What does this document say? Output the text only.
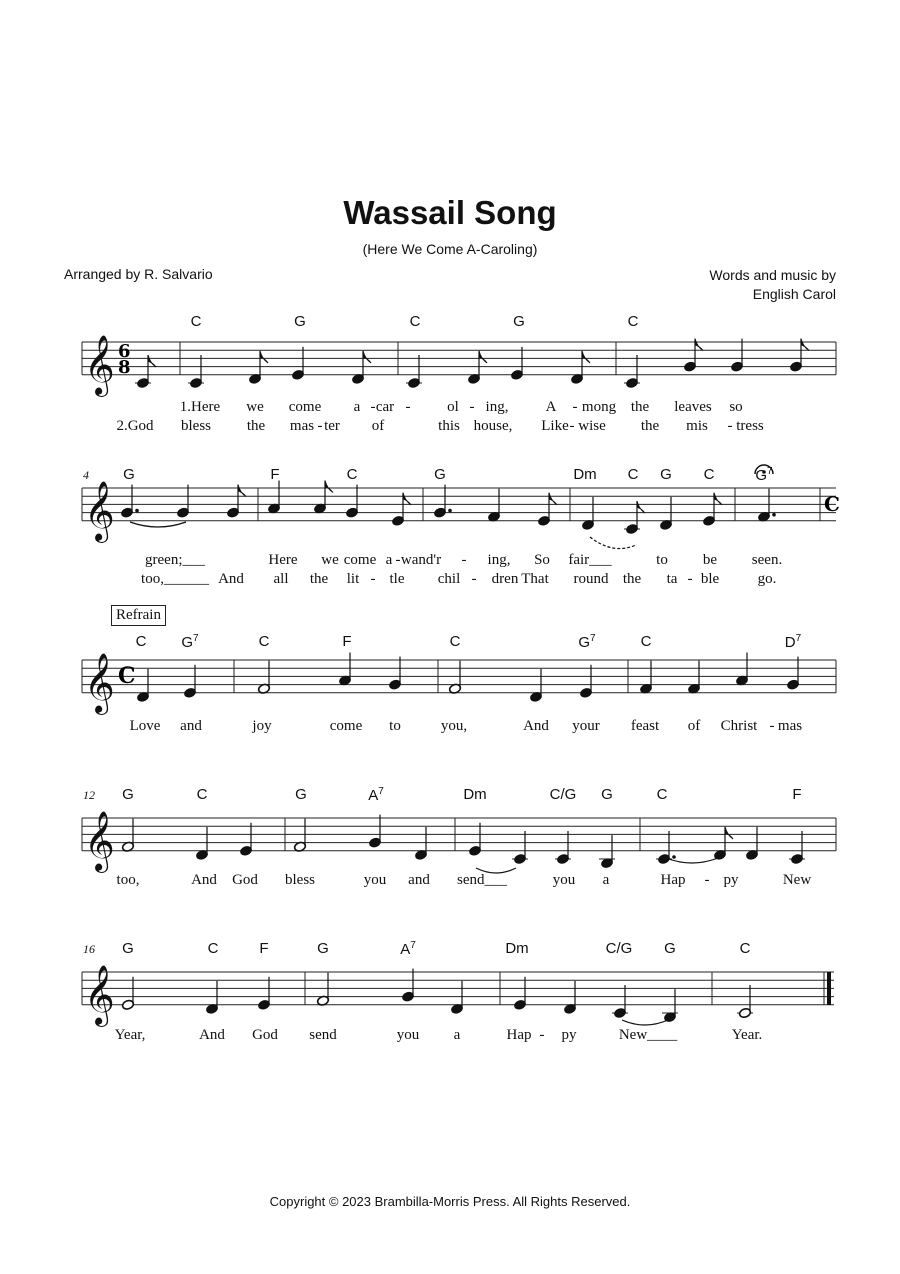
Wassail Song
(Here We Come A-Caroling)
Arranged by R. Salvario	Words and music by
English Carol
Refrain
Copyright © 2023 Brambilla-Morris Press. All Rights Reserved.
𝄞 6
8
𝄞	C
𝄞 C
𝄞
𝄞
C	G	C	G	C
1.Here we come a - car - ol - ing, A - mong the leaves so
2.God bless the mas - ter of	this house, Like - wise the mis - tress
G	F	C	G	Dm C G C	$G^7$
green;___	Here we come a - wand'r - ing, So fair___	to be seen.
too,______ And all the lit - tle chil - dren That round the ta - ble	go.
4
C $G^7$	C	F	C	$G^7$	C	$D^7$
Love and	joy	come to	you,	And your feast of Christ - mas
G	C	G	$A^7$	Dm	C/G G	C	F
too,	And God bless	you and send___	you a	Hap - py	New
12
G	C	F	G	$A^7$	Dm	C/G G	C
Year,	And God send	you a	Hap - py	New____	Year.
16
